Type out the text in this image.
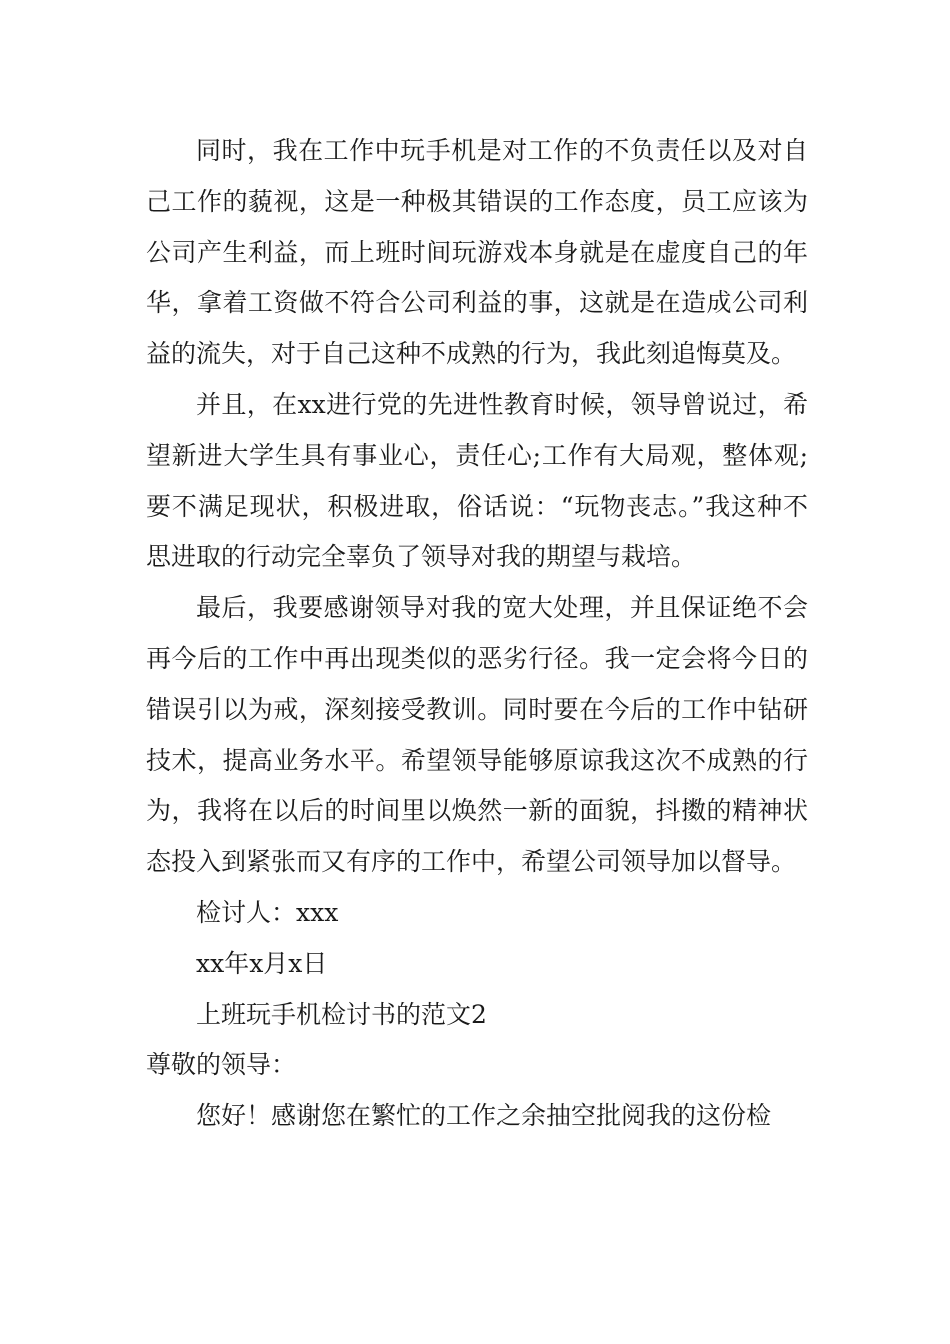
同时，我在工作中玩手机是对工作的不负责任以及对自己工作的藐视，这是一种极其错误的工作态度，员工应该为公司产生利益，而上班时间玩游戏本身就是在虚度自己的年华，拿着工资做不符合公司利益的事，这就是在造成公司利益的流失，对于自己这种不成熟的行为，我此刻追悔莫及。

并且，在xx进行党的先进性教育时候，领导曾说过，希望新进大学生具有事业心，责任心;工作有大局观，整体观;要不满足现状，积极进取，俗话说：“玩物丧志。”我这种不思进取的行动完全辜负了领导对我的期望与栽培。

最后，我要感谢领导对我的宽大处理，并且保证绝不会再今后的工作中再出现类似的恶劣行径。我一定会将今日的错误引以为戒，深刻接受教训。同时要在今后的工作中钻研技术，提高业务水平。希望领导能够原谅我这次不成熟的行为，我将在以后的时间里以焕然一新的面貌，抖擞的精神状态投入到紧张而又有序的工作中，希望公司领导加以督导。

检讨人：xxx

xx年x月x日

上班玩手机检讨书的范文2

尊敬的领导：

您好！感谢您在繁忙的工作之余抽空批阅我的这份检
